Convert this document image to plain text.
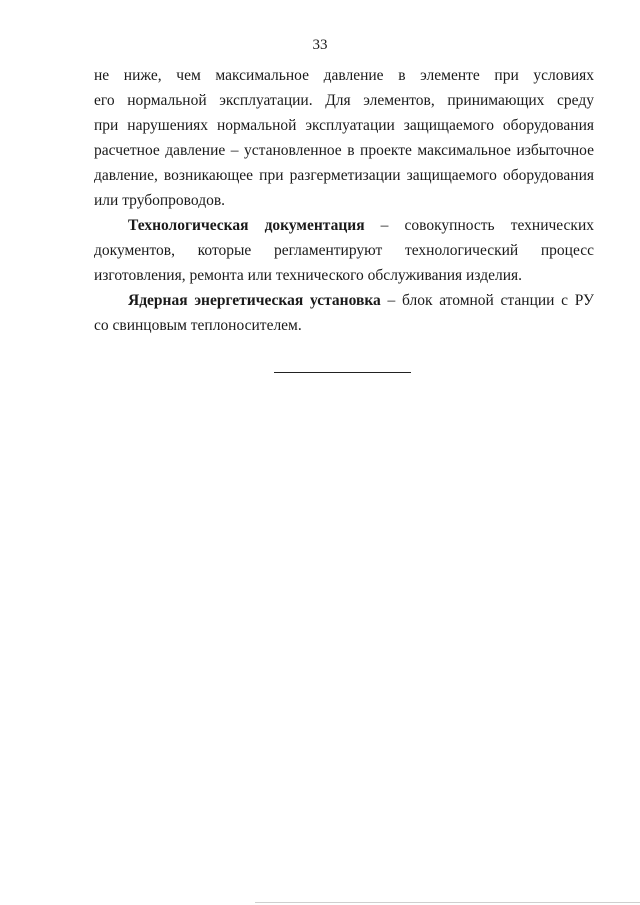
33

не ниже, чем максимальное давление в элементе при условиях
его нормальной эксплуатации. Для элементов, принимающих среду
при нарушениях нормальной эксплуатации защищаемого оборудования
расчетное давление – установленное в проекте максимальное избыточное
давление, возникающее при разгерметизации защищаемого оборудования
или трубопроводов.

Технологическая документация – совокупность технических
документов, которые регламентируют технологический процесс
изготовления, ремонта или технического обслуживания изделия.

Ядерная энергетическая установка – блок атомной станции с РУ
со свинцовым теплоносителем.
